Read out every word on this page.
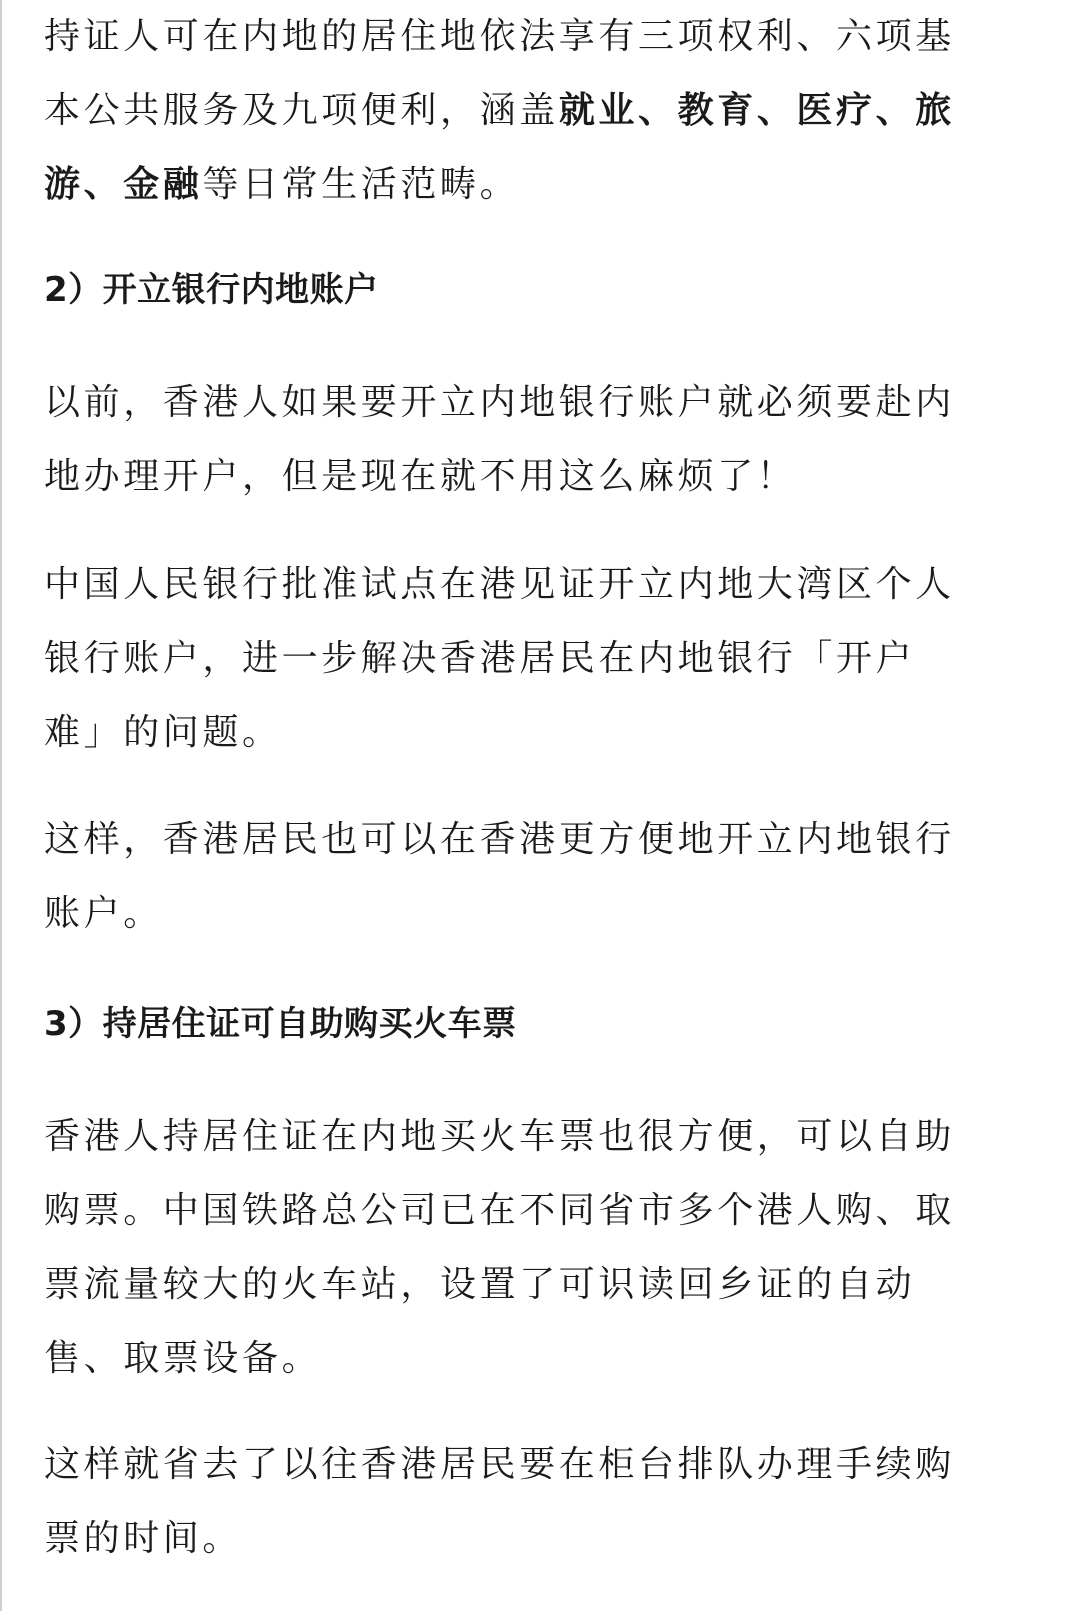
持证人可在内地的居住地依法享有三项权利、六项基
本公共服务及九项便利，涵盖就业、教育、医疗、旅
游、金融等日常生活范畴。
2）开立银行内地账户
以前，香港人如果要开立内地银行账户就必须要赴内
地办理开户，但是现在就不用这么麻烦了！
中国人民银行批准试点在港见证开立内地大湾区个人
银行账户，进一步解决香港居民在内地银行「开户
难」的问题。
这样，香港居民也可以在香港更方便地开立内地银行
账户。
3）持居住证可自助购买火车票
香港人持居住证在内地买火车票也很方便，可以自助
购票。中国铁路总公司已在不同省市多个港人购、取
票流量较大的火车站，设置了可识读回乡证的自动
售、取票设备。
这样就省去了以往香港居民要在柜台排队办理手续购
票的时间。
